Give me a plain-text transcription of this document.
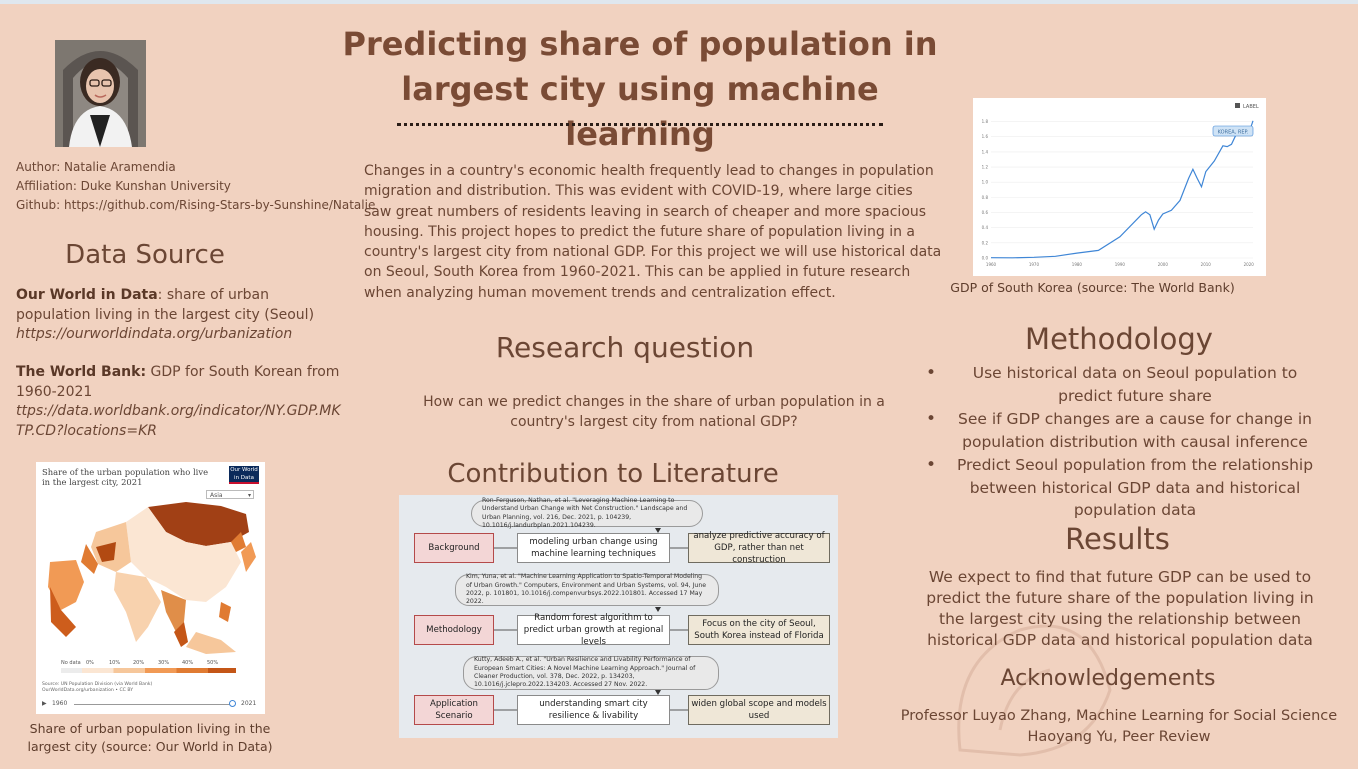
Predicting share of population in
largest city using machine learning
Author: Natalie Aramendia
Affiliation: Duke Kunshan University
Github: https://github.com/Rising-Stars-by-Sunshine/Natalie
Data Source
Our World in Data: share of urban population living in the largest city (Seoul)
https://ourworldindata.org/urbanization
The World Bank: GDP for South Korean from 1960-2021
ttps://data.worldbank.org/indicator/NY.GDP.MKTP.CD?locations=KR
Changes in a country's economic health frequently lead to changes in population migration and distribution. This was evident with COVID-19, where large cities saw great numbers of residents leaving in search of cheaper and more spacious housing. This project hopes to predict the future share of population living in a country's largest city from national GDP. For this project we will use historical data on Seoul, South Korea from 1960-2021. This can be applied in future research when analyzing human movement trends and centralization effect.
Research question
How can we predict changes in the share of urban population in a country's largest city from national GDP?
Contribution to Literature
Ron-Ferguson, Nathan, et al. "Leveraging Machine Learning to Understand Urban Change with Net Construction." Landscape and Urban Planning, vol. 216, Dec. 2021, p. 104239, 10.1016/j.landurbplan.2021.104239.
Background
modeling urban change using machine learning techniques
analyze predictive accuracy of GDP, rather than net construction
Kim, Yuna, et al. "Machine Learning Application to Spatio-Temporal Modeling of Urban Growth." Computers, Environment and Urban Systems, vol. 94, June 2022, p. 101801, 10.1016/j.compenvurbsys.2022.101801. Accessed 17 May 2022.
Methodology
Random forest algorithm to predict urban growth at regional levels
Focus on the city of Seoul, South Korea instead of Florida
Kutty, Adeeb A., et al. "Urban Resilience and Livability Performance of European Smart Cities: A Novel Machine Learning Approach." Journal of Cleaner Production, vol. 378, Dec. 2022, p. 134203, 10.1016/j.jclepro.2022.134203. Accessed 27 Nov. 2022.
Application Scenario
understanding smart city resilience & livability
widen global scope and models used
LABEL
0.0
0.2
0.4
0.6
0.8
1.0
1.2
1.4
1.6
1.8
1960	1970	1980	1990	2000	2010	2020
KOREA, REP.
GDP of South Korea (source: The World Bank)
Share of the urban population who live in the largest city, 2021
Our World
in Data
Asia	▾
No data 0%	10%	20%	30%	40%	50%
Source: UN Population Division (via World Bank)
OurWorldData.org/urbanization • CC BY
▶ 1960	2021
Share of urban population living in the largest city (source: Our World in Data)
Methodology
• Use historical data on Seoul population to predict future share
• See if GDP changes are a cause for change in population distribution with causal inference
• Predict Seoul population from the relationship between historical GDP data and historical population data
Results
We expect to find that future GDP can be used to predict the future share of the population living in the largest city using the relationship between historical GDP data and historical population data
Acknowledgements
Professor Luyao Zhang, Machine Learning for Social Science
Haoyang Yu, Peer Review
